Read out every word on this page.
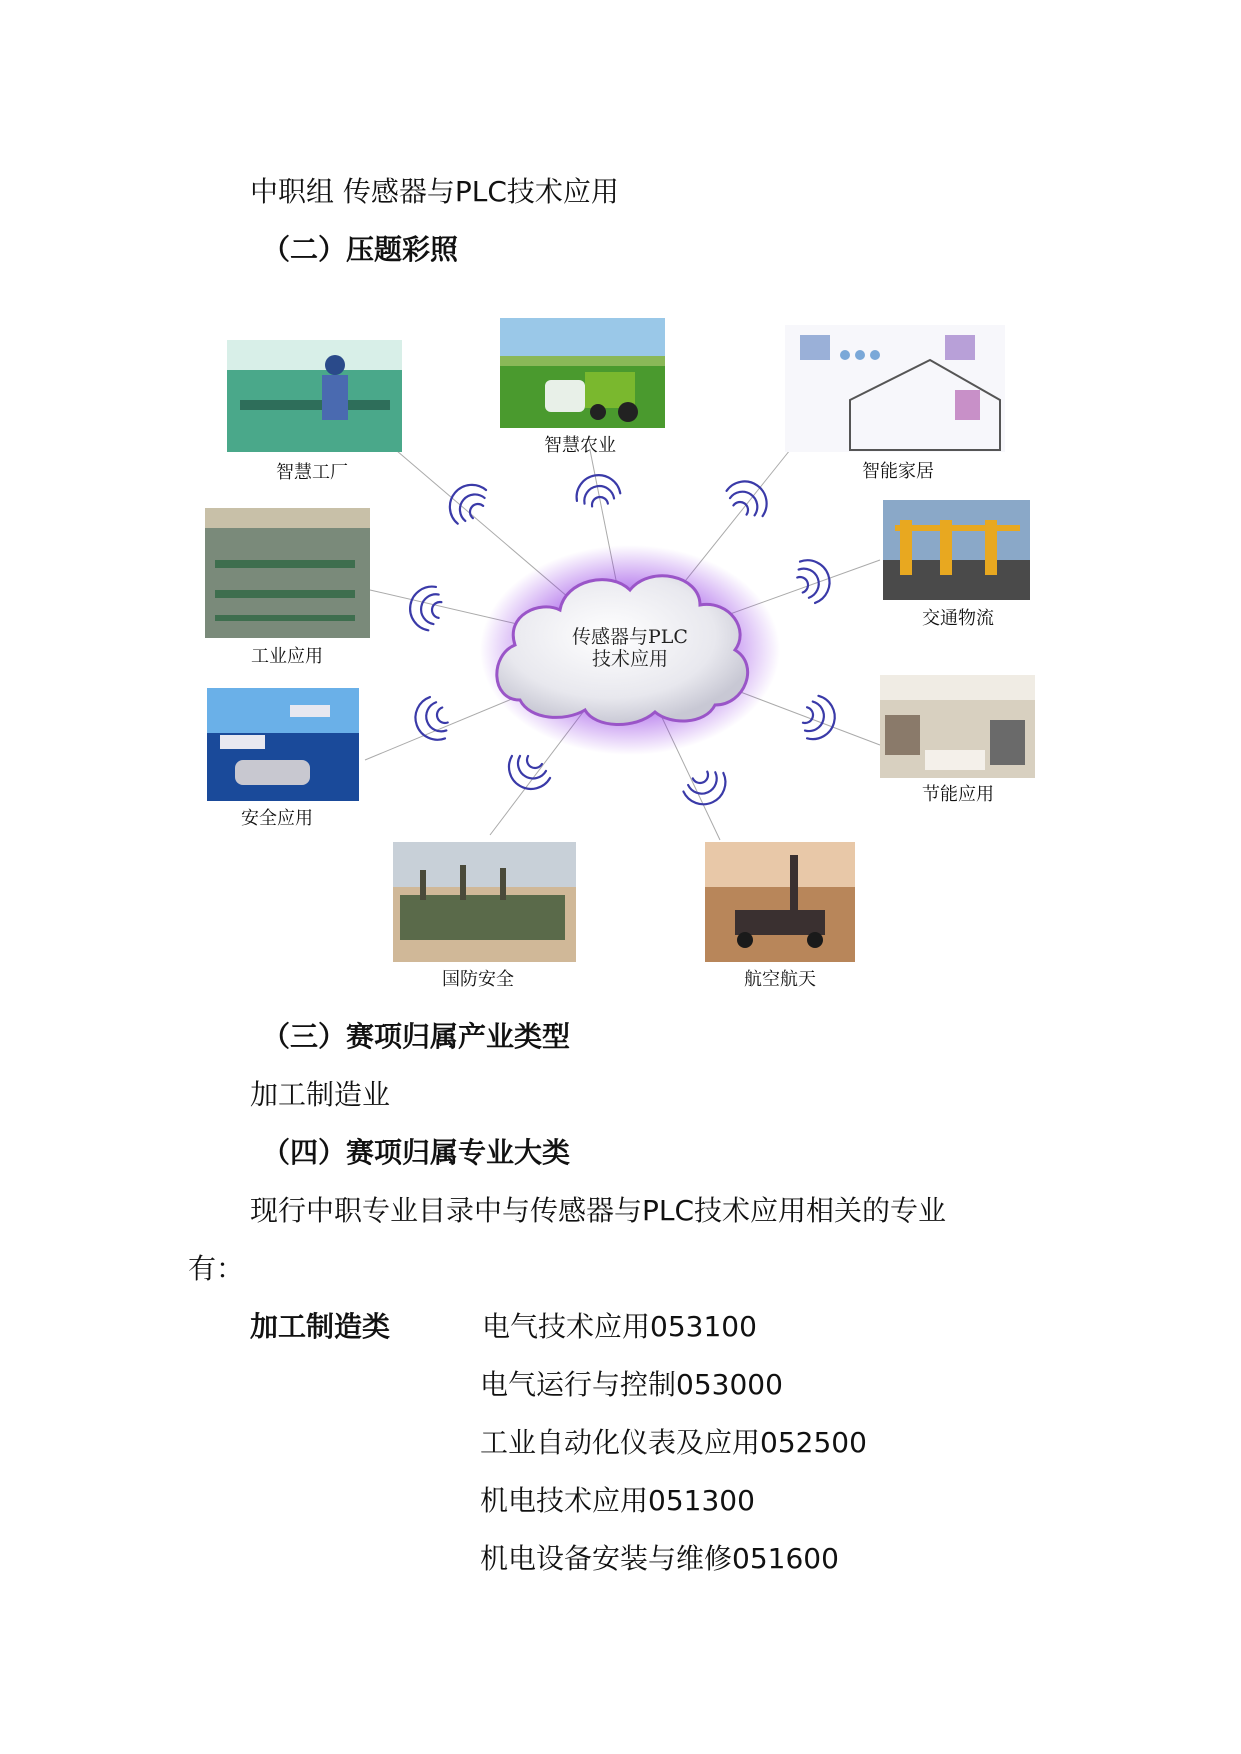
中职组 传感器与PLC技术应用
（二）压题彩照
传感器与PLC
技术应用
智慧工厂
智慧农业
智能家居
工业应用
交通物流
安全应用
节能应用
国防安全	航空航天
（三）赛项归属产业类型
加工制造业
（四）赛项归属专业大类
现行中职专业目录中与传感器与PLC技术应用相关的专业
有：
加工制造类	电气技术应用053100
电气运行与控制053000
工业自动化仪表及应用052500
机电技术应用051300
机电设备安装与维修051600
